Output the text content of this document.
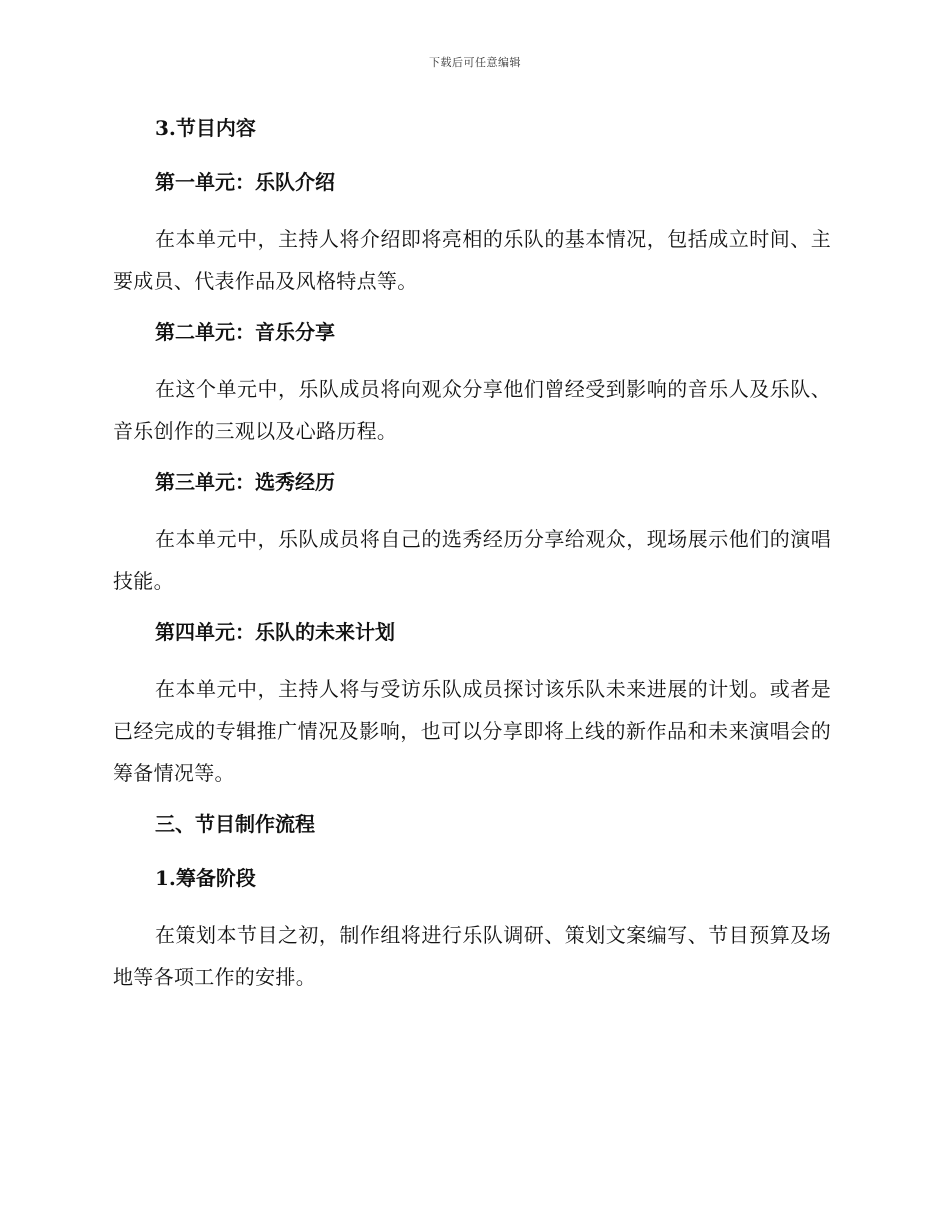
下载后可任意编辑
3.节目内容
第一单元：乐队介绍
在本单元中，主持人将介绍即将亮相的乐队的基本情况，包括成立时间、主要成员、代表作品及风格特点等。
第二单元：音乐分享
在这个单元中，乐队成员将向观众分享他们曾经受到影响的音乐人及乐队、音乐创作的三观以及心路历程。
第三单元：选秀经历
在本单元中，乐队成员将自己的选秀经历分享给观众，现场展示他们的演唱技能。
第四单元：乐队的未来计划
在本单元中，主持人将与受访乐队成员探讨该乐队未来进展的计划。或者是已经完成的专辑推广情况及影响，也可以分享即将上线的新作品和未来演唱会的筹备情况等。
三、节目制作流程
1.筹备阶段
在策划本节目之初，制作组将进行乐队调研、策划文案编写、节目预算及场地等各项工作的安排。
